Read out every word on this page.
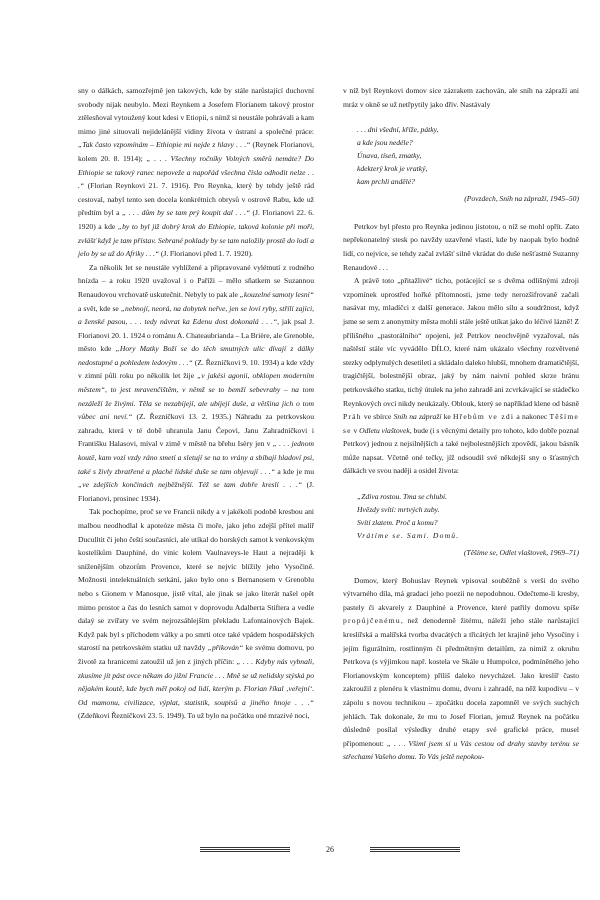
sny o dálkách, samozřejmě jen takových, kde by stále narůstající duchovní svobody nijak neubylo. Mezi Reynkem a Josefem Florianem takový prostor ztělesňoval vytoužený kout kdesi v Etiopii, s nímž si neustále pohrávali a kam mimo jiné situovali nejidelánější vidiny života v ústraní a společné práce: „Tak často vzpomínám – Ethiopie mi nejde z hlavy . . .“ (Reynek Florianovi, kolem 20. 8. 1914); „ . . . Všechny ročníky Volných směrů nemáte? Do Ethiopie se takový ranec nepoveže a napořád všechna čísla odhodit nelze . . .“ (Florian Reynkovi 21. 7. 1916). Pro Reynka, který by tehdy ještě rád cestoval, nabyl tento sen docela konkrétních obrysů v ostrově Rabu, kde už předtím byl a „ . . . dům by se tam prý koupit dal . . .“ (J. Florianovi 22. 6. 1920) a kde „by to byl již dobrý krok do Ethiopie, taková kolonie při moři, zvlášť když je tam přístav. Sebrané poklady by se tam naložily prostě do lodí a jelo by se už do Afriky . . .“ (J. Florianovi před 1. 7. 1920).

Za několik let se neustále vyhlížené a připravované vylétnutí z rodného hnízda – a roku 1920 uvažoval i o Paříži – mělo sňatkem se Suzannou Renaudovou vrchovatě uskutečnit. Nebyly to pak ale „kouzelné samoty lesní“ a svět, kde se „nebnojí, neorá, na dobytek neřve, jen se loví ryby, střílí zajíci, a ženské pasou, . . . tedy návrat ka Edenu dost dokonalá . . .“, jak psal J. Florianovi 20. 1. 1924 o románu A. Chateaubrianda – La Brière, ale Grenoble, město kde „Hory Matky Boží se do těch smutných ulic dívají z dálky nedostupné a pohledem ledovým . . .“ (Z. Řezníčkovi 9. 10. 1934) a kde vždy v zimní půli roku po několik let žije „v jakési agonii, obklopen moderním městem“, to jest mravenčištěm, v němž se to bemží sebevraby – na tom nezáleží že živými. Těla se nezabíjejí, ale ubíjejí duše, a většina jich o tom vůbec ani neví.“ (Z. Řezníčkovi 13. 2. 1935.) Náhradu za petrkovskou zahradu, která v té době uhranula Janu Čepovi, Janu Zahradníčkovi i Františku Halasovi, míval v zimě v městě na břehu Isèry jen v „ . . . jednom koutě, kam vozí vzdy ráno smetí a sletují se na to vrány a sbíbají hladoví psi, také s živly zbratřené a plaché lidské duše se tam objevují . . .“ a kde je mu „ve zdejších končinách nejběžnější. Též se tam dobře kreslí . . .“ (J. Florianovi, prosinec 1934).

Tak pochopíme, proč se ve Francii nikdy a v jakékoli podobě kresbou ani malbou neodhodlal k apoteóze města či moře, jako jeho zdejší přítel malíř Duculltit či jeho čeští současníci, ale utíkal do horských samot k venkovským kostelíkům Dauphiné, do vinic kolem Vaulnaveys-le Haut a nejraději k sníženějším obzorům Provence, které se nejvíc blížily jeho Vysočině. Možnosti intelektuálních setkání, jako bylo ono s Bernanosem v Grenoblu nebo s Gionem v Manosque, jistě vítal, ale jinak se jako literát našel opět mimo prostor a čas do lesních samot v doprovodu Adalberta Stiftera a vedle dalaý se zvířaty ve svém nejrozsáhlejším překladu Lafontainových Bajek. Když pak byl s příchodem války a po smrti otce také vpádem hospodářských starostí na petrkovském statku už navždy „přikován“ ke svému domovu, po životě za hranicemi zatoužil už jen z jiných příčin: „ . . . Kdyby nás vybnali, zkusíme jít pást ovce někam do jižní Francie . . . Mně se už nelidsky stýská po nějakém koutě, kde bych měl pokoj od lidí, kterým p. Florian říkal ‚veřejní‘. Od mamonu, civilizace, výplat, statistik, soupisů a jiného hnoje . . .“ (Zdeňkovi Řezníčkovi 23. 5. 1949). To už bylo na počátku oné mrazivé noci,

v níž byl Reynkovi domov sice zázrakem zachován, ale sníh na zápraží ani mráz v okně se už netřpytily jako dřív. Nastávaly

. . . dni všední, křížе, pátky,
a kde jsou nedéle?
Únava, tíseň, zmatky,
kdekterý krok je vratký,
kam prchli andělé?
(Povzdech, Sníh na zápraží, 1945–50)

Petrkov byl přesto pro Reynka jedinou jistotou, o níž se mohl opřít. Zato nepřekonatelný stesk po navždy uzavřené vlasti, kde by naopak bylo hodně lidí, co nejvíce, se tehdy začal zvlášť silně vkrádat do duše nešťastné Suzanny Renaudové . . .

A právě toto „přitažlivé“ ticho, potácející se s dvěma odlišnými zdroji vzpomínek uprostřed hořké přítomnosti, jsme tedy nerozšifrovaně začali nasávat my, mladíčci z další generace. Jakou mělo sílu a soudržnost, když jsme se sem z anonymity města mohli stále ještě utíkat jako do léčivé lázně! Z přílišného „pastorálního“ opojení, jež Petrkov neochvějně vyzařoval, nás naštěstí stále víc vyvádělo DÍLO, které nám ukázalo všechny rozvětvené stezky odplynulých desetiletí a skládalo daleko hlubší, mnohem dramatičtější, tragičtější, bolestnější obraz, jaký by nám naivní pohled skrze bránu petrkovského statku, tichý útulek na jeho zahradě ani zcvrkávající se stádečko Reynkových ovcí nikdy neukázaly. Oblouk, který se například klene od básně Práh ve sbírce Sníh na zápraží ke Hřebům ve zdi a nakonec Těšíme se v Odletu vlaštovek, bude (i s věcnými detaily pro tohoto, kdo dobře poznal Petrkov) jednou z nejsilnějších a také nejbolestnějších zpovědí, jakou básník může napsat. Včetně oné tečky, jíž odsoudil své někdejší sny o šťastných dálkách ve svou naději a osidel života:

„Zdiva rostou. Tma se chlubí.
Hvězdy svítí: mrtvých zuby.
Svítí zlatem. Proč a komu?
Vrátíme se. Sami. Domů.
(Těšíme se, Odlet vlaštovek, 1969–71)

Domov, který Bohuslav Reynek vpisoval souběžně s verši do svého výtvarného díla, má gradaci jeho poezii ne nepodobnou. Odečteme-li kresby, pastely či akvarely z Dauphiné a Provence, které patřily domovu spíše propůjčenému, než denodenně žitému, náleží jeho stále narůstající kreslířská a malířská tvorba dvacátých a třicátých let krajině jeho Vysočiny i jejím figurálním, rostlinným či předmětným detailům, za nimiž z okruhu Petrkova (s výjimkou např. kostela ve Skále u Humpolce, podmíněného jeho Florianovským konceptem) příliš daleko nevycházel. Jako kreslíř často zakroužil z plenéru k vlastnímu domu, dvoru i zahradě, na něž kupodivu – v zápolu s novou technikou – zpočátku docela zapomněl ve svých suchých jehlách. Tak dokonale, že mu to Josef Florian, jemuž Reynek na počátku důsledně posílal výsledky druhé etapy své grafické práce, musel připomenout: „ . . . Všiml jsem si u Vás cestou od drahy stavby terénu se střechami Vašeho domu. To Vás ještě nepokou-

26
